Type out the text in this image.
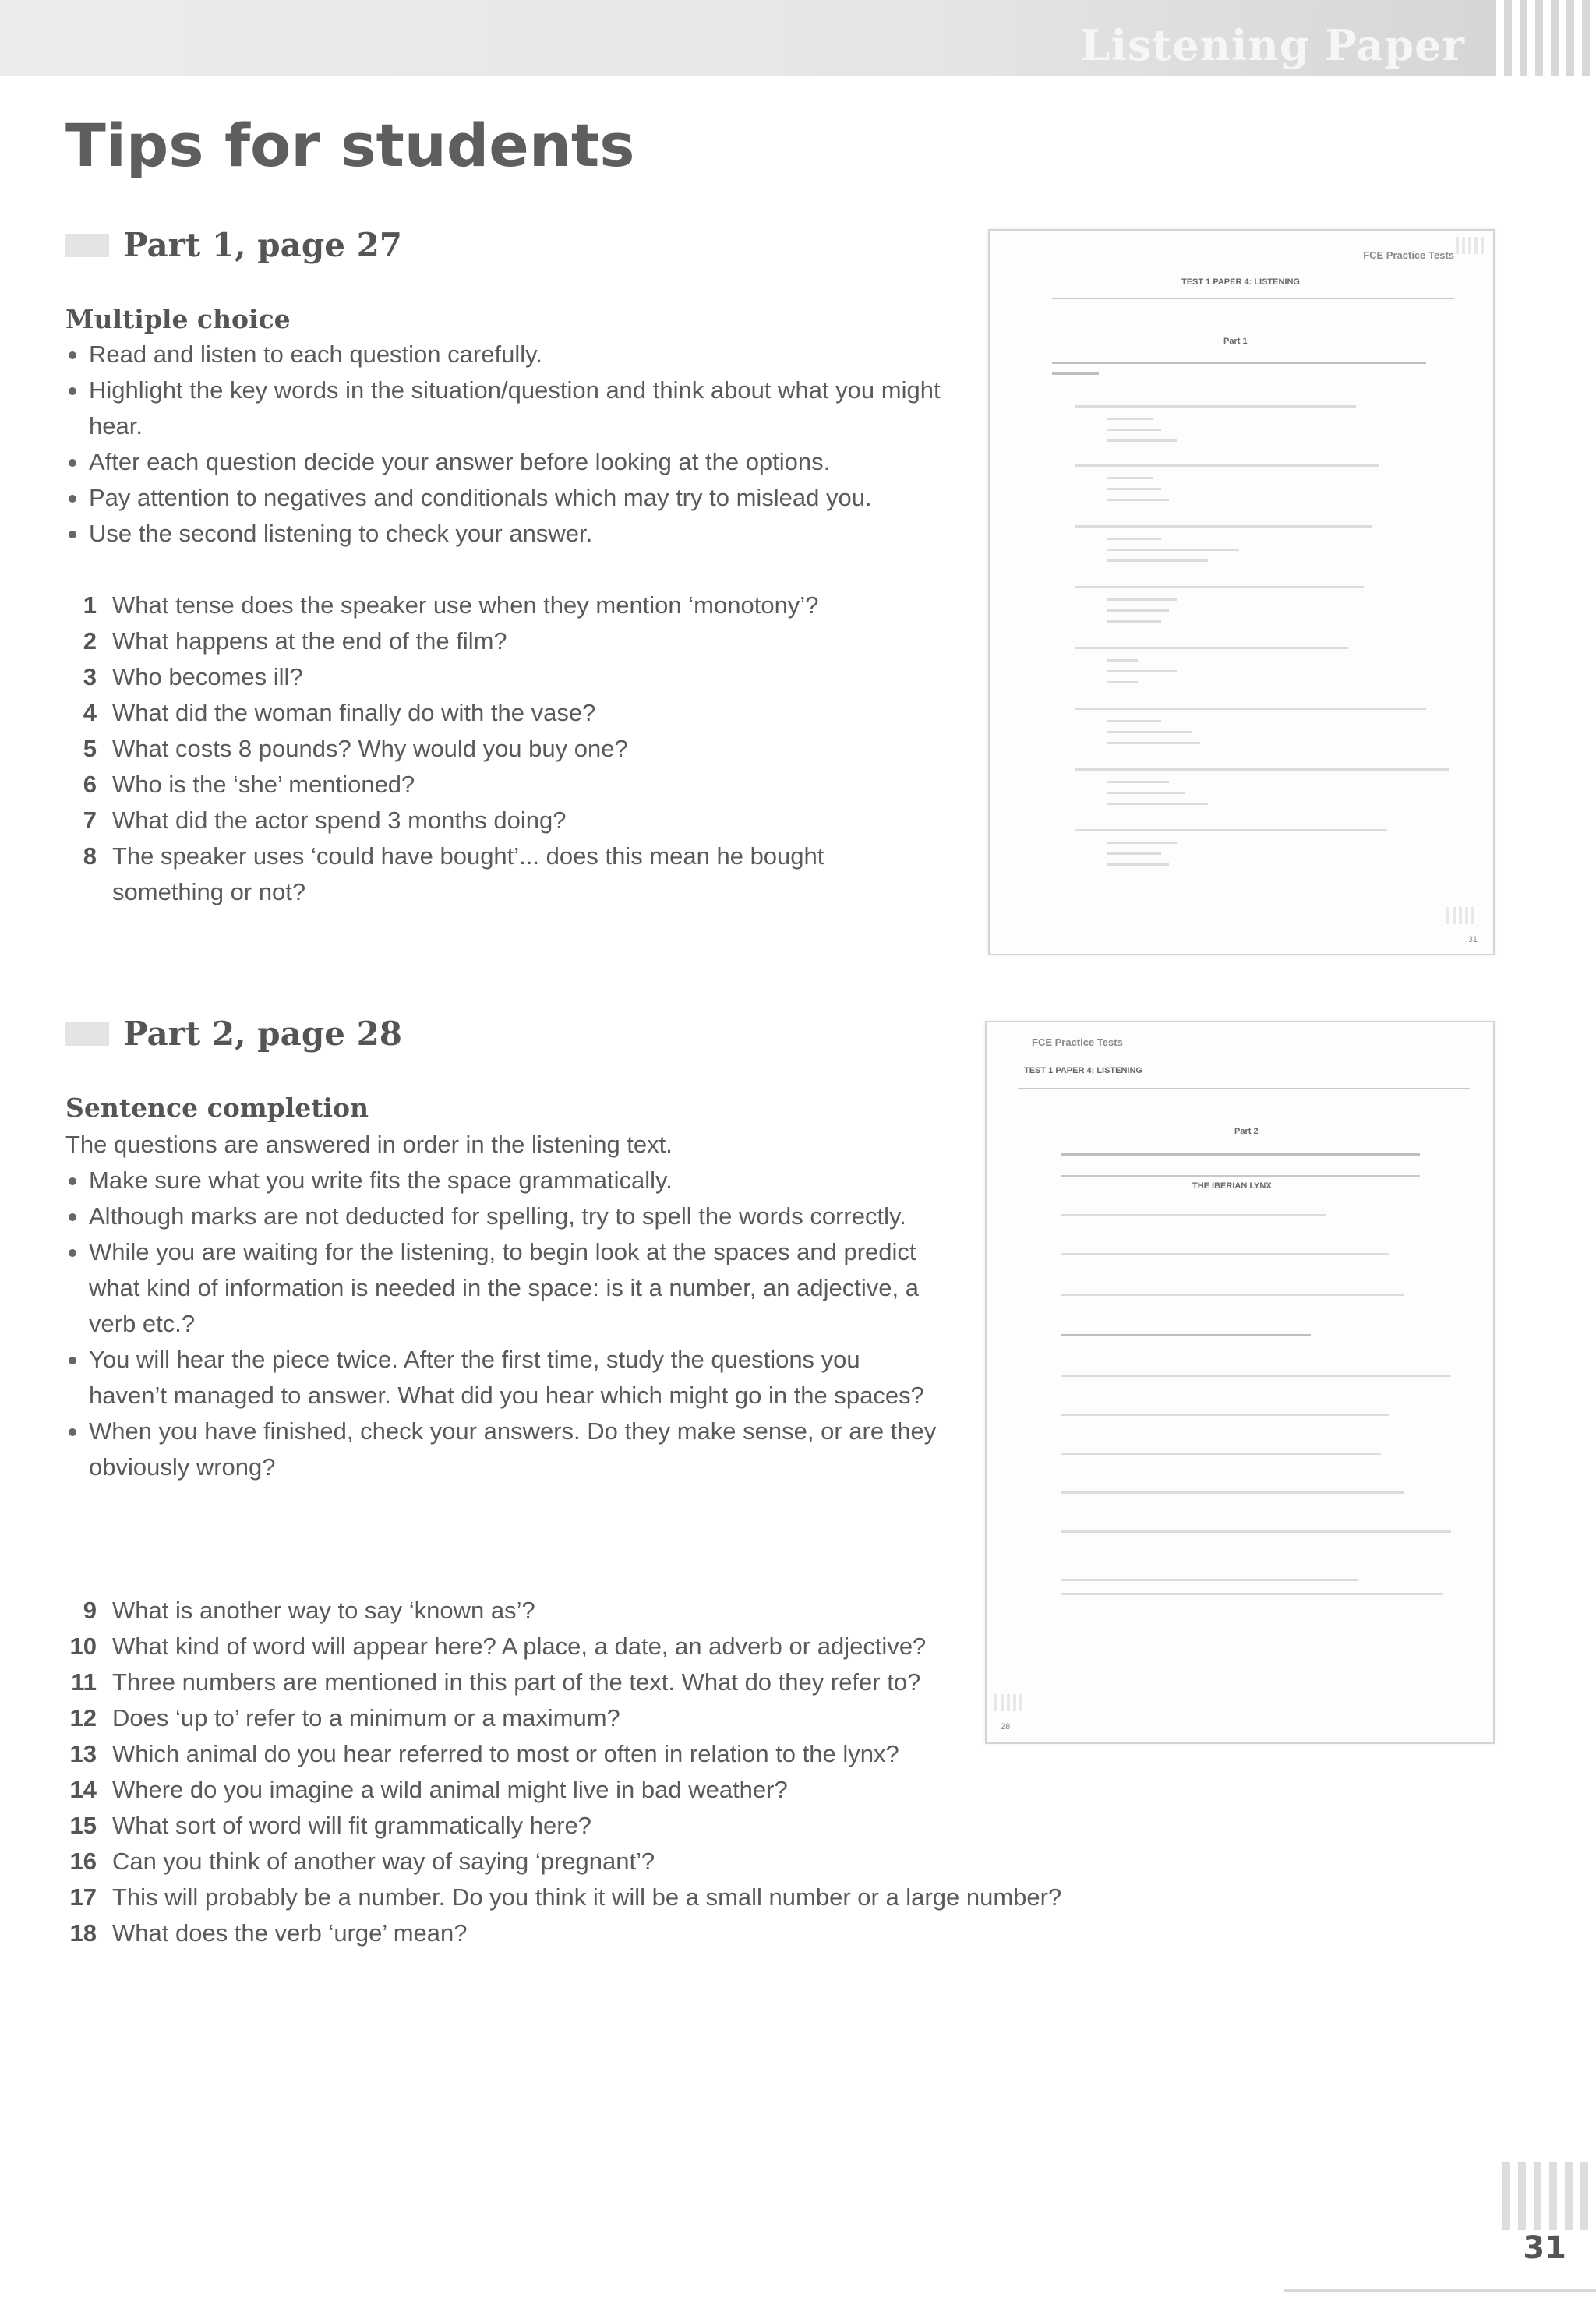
Listening Paper
Tips for students
Part 1, page 27
Multiple choice
Read and listen to each question carefully.
Highlight the key words in the situation/question and think about what you might hear.
After each question decide your answer before looking at the options.
Pay attention to negatives and conditionals which may try to mislead you.
Use the second listening to check your answer.
1 What tense does the speaker use when they mention ‘monotony’?
2 What happens at the end of the film?
3 Who becomes ill?
4 What did the woman finally do with the vase?
5 What costs 8 pounds? Why would you buy one?
6 Who is the ‘she’ mentioned?
7 What did the actor spend 3 months doing?
8 The speaker uses ‘could have bought’... does this mean he bought something or not?
FCE Practice Tests
TEST 1 PAPER 4: LISTENING
Part 1
31
Part 2, page 28
Sentence completion
The questions are answered in order in the listening text.
Make sure what you write fits the space grammatically.
Although marks are not deducted for spelling, try to spell the words correctly.
While you are waiting for the listening, to begin look at the spaces and predict what kind of information is needed in the space: is it a number, an adjective, a verb etc.?
You will hear the piece twice. After the first time, study the questions you haven’t managed to answer. What did you hear which might go in the spaces?
When you have finished, check your answers. Do they make sense, or are they obviously wrong?
9 What is another way to say ‘known as’?
10 What kind of word will appear here? A place, a date, an adverb or adjective?
11 Three numbers are mentioned in this part of the text. What do they refer to?
12 Does ‘up to’ refer to a minimum or a maximum?
13 Which animal do you hear referred to most or often in relation to the lynx?
14 Where do you imagine a wild animal might live in bad weather?
15 What sort of word will fit grammatically here?
16 Can you think of another way of saying ‘pregnant’?
17 This will probably be a number. Do you think it will be a small number or a large number?
18 What does the verb ‘urge’ mean?
FCE Practice Tests
TEST 1 PAPER 4: LISTENING
Part 2
THE IBERIAN LYNX
28
31
